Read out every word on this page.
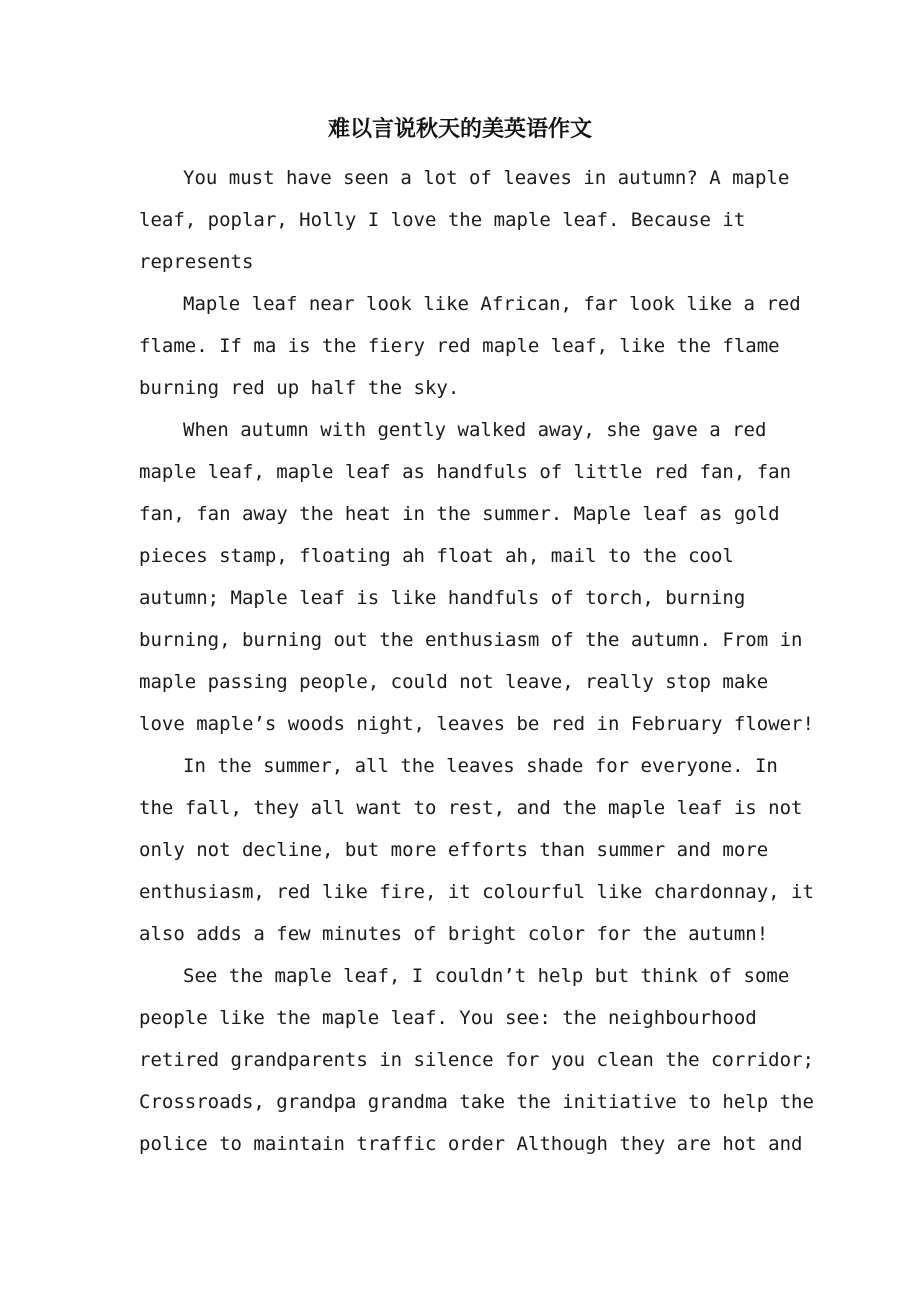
难以言说秋天的美英语作文
You must have seen a lot of leaves in autumn? A maple
leaf, poplar, Holly I love the maple leaf. Because it
represents
Maple leaf near look like African, far look like a red
flame. If ma is the fiery red maple leaf, like the flame
burning red up half the sky.
When autumn with gently walked away, she gave a red
maple leaf, maple leaf as handfuls of little red fan, fan
fan, fan away the heat in the summer. Maple leaf as gold
pieces stamp, floating ah float ah, mail to the cool
autumn; Maple leaf is like handfuls of torch, burning
burning, burning out the enthusiasm of the autumn. From in
maple passing people, could not leave, really stop make
love maple’s woods night, leaves be red in February flower!
In the summer, all the leaves shade for everyone. In
the fall, they all want to rest, and the maple leaf is not
only not decline, but more efforts than summer and more
enthusiasm, red like fire, it colourful like chardonnay, it
also adds a few minutes of bright color for the autumn!
See the maple leaf, I couldn’t help but think of some
people like the maple leaf. You see: the neighbourhood
retired grandparents in silence for you clean the corridor;
Crossroads, grandpa grandma take the initiative to help the
police to maintain traffic order Although they are hot and
